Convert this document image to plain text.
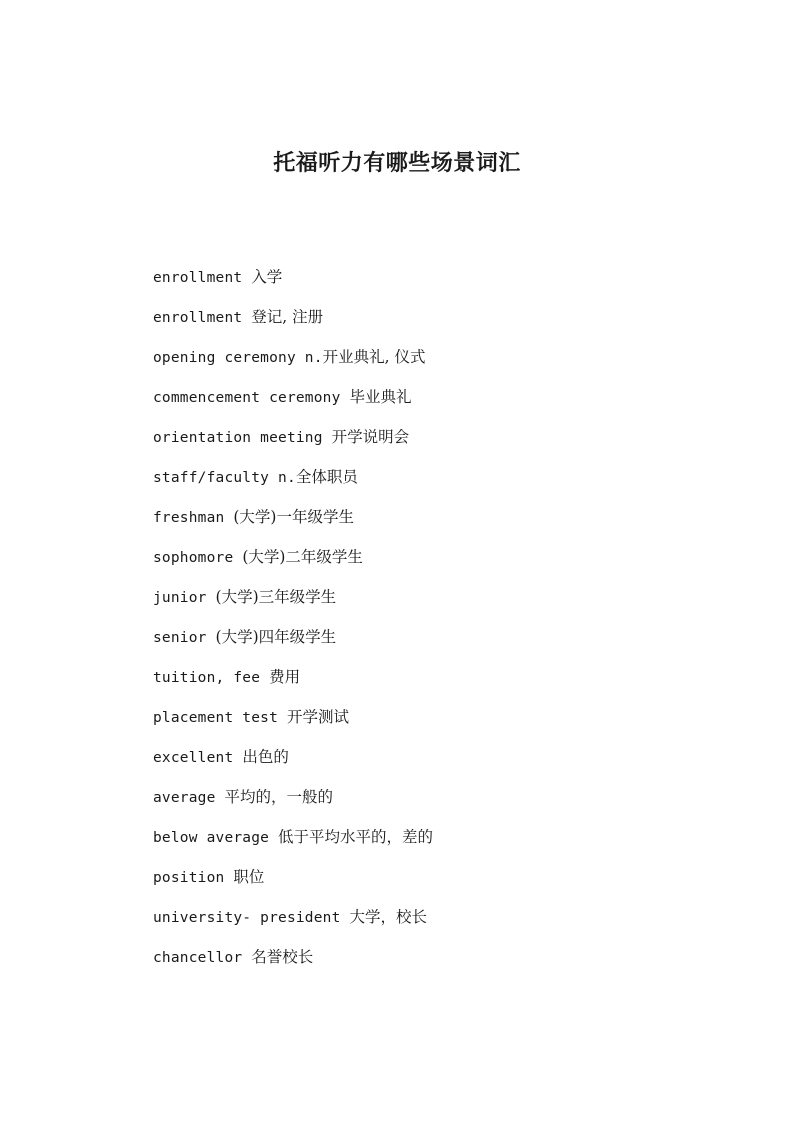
托福听力有哪些场景词汇
enrollment 入学
enrollment 登记, 注册
opening ceremony n.开业典礼, 仪式
commencement ceremony 毕业典礼
orientation meeting 开学说明会
staff/faculty n.全体职员
freshman (大学)一年级学生
sophomore (大学)二年级学生
junior (大学)三年级学生
senior (大学)四年级学生
tuition, fee 费用
placement test 开学测试
excellent 出色的
average 平均的，一般的
below average 低于平均水平的，差的
position 职位
university- president 大学，校长
chancellor 名誉校长
